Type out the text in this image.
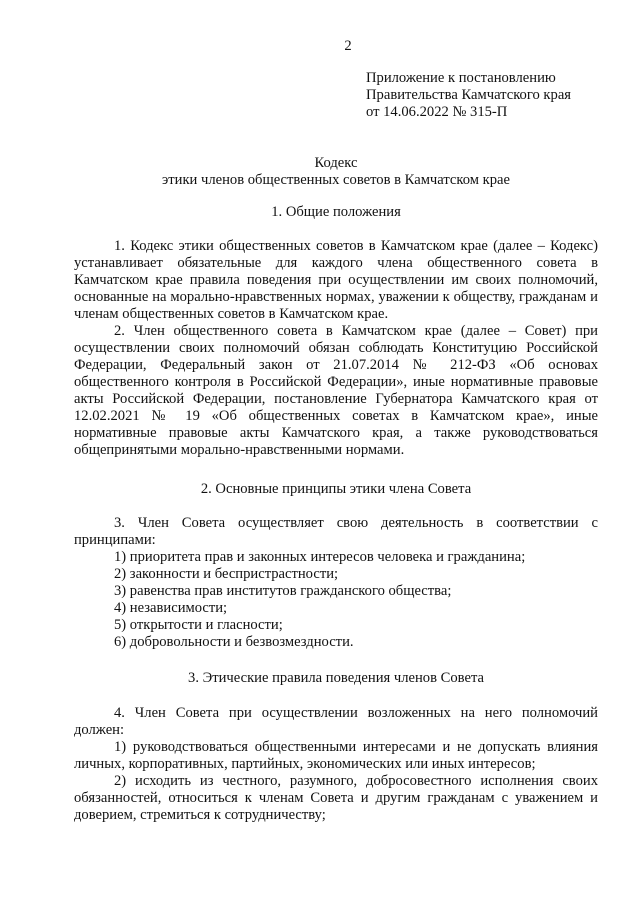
2
Приложение к постановлению
Правительства Камчатского края
от 14.06.2022 № 315-П
Кодекс
этики членов общественных советов в Камчатском крае
1. Общие положения

1. Кодекс этики общественных советов в Камчатском крае (далее – Кодекс) устанавливает обязательные для каждого члена общественного совета в Камчатском крае правила поведения при осуществлении им своих полномочий, основанные на морально-нравственных нормах, уважении к обществу, гражданам и членам общественных советов в Камчатском крае.

2. Член общественного совета в Камчатском крае (далее – Совет) при осуществлении своих полномочий обязан соблюдать Конституцию Российской Федерации, Федеральный закон от 21.07.2014 № 212-ФЗ «Об основах общественного контроля в Российской Федерации», иные нормативные правовые акты Российской Федерации, постановление Губернатора Камчатского края от 12.02.2021 № 19 «Об общественных советах в Камчатском крае», иные нормативные правовые акты Камчатского края, а также руководствоваться общепринятыми морально-нравственными нормами.

2. Основные принципы этики члена Совета

3. Член Совета осуществляет свою деятельность в соответствии с принципами:

1) приоритета прав и законных интересов человека и гражданина;
2) законности и беспристрастности;
3) равенства прав институтов гражданского общества;
4) независимости;
5) открытости и гласности;
6) добровольности и безвозмездности.
3. Этические правила поведения членов Совета

4. Член Совета при осуществлении возложенных на него полномочий должен:

1) руководствоваться общественными интересами и не допускать влияния личных, корпоративных, партийных, экономических или иных интересов;

2) исходить из честного, разумного, добросовестного исполнения своих обязанностей, относиться к членам Совета и другим гражданам с уважением и доверием, стремиться к сотрудничеству;
